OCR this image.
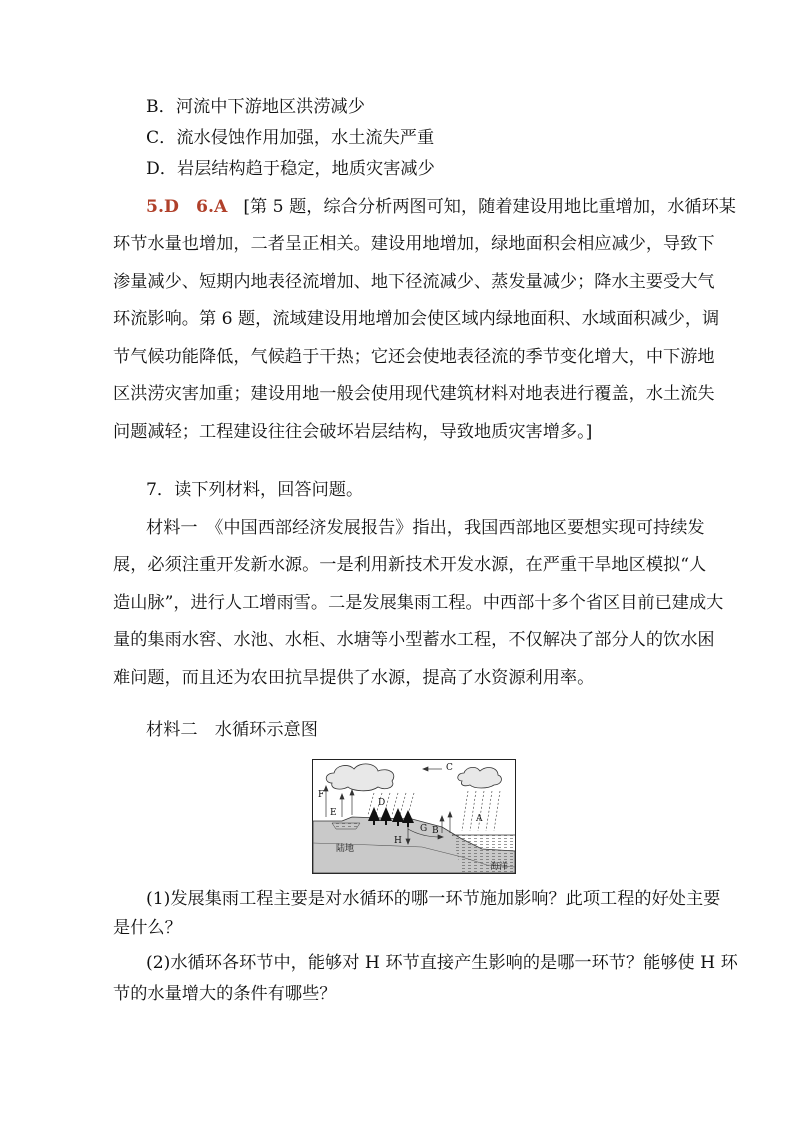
B．河流中下游地区洪涝减少
C．流水侵蚀作用加强，水土流失严重
D．岩层结构趋于稳定，地质灾害减少
5.D　6.A [第 5 题，综合分析两图可知，随着建设用地比重增加，水循环某
环节水量也增加，二者呈正相关。建设用地增加，绿地面积会相应减少，导致下
渗量减少、短期内地表径流增加、地下径流减少、蒸发量减少；降水主要受大气
环流影响。第 6 题，流域建设用地增加会使区域内绿地面积、水域面积减少，调
节气候功能降低，气候趋于干热；它还会使地表径流的季节变化增大，中下游地
区洪涝灾害加重；建设用地一般会使用现代建筑材料对地表进行覆盖，水土流失
问题减轻；工程建设往往会破坏岩层结构，导致地质灾害增多。]
7．读下列材料，回答问题。
材料一　《中国西部经济发展报告》指出，我国西部地区要想实现可持续发
展，必须注重开发新水源。一是利用新技术开发水源，在严重干旱地区模拟“人
造山脉”，进行人工增雨雪。二是发展集雨工程。中西部十多个省区目前已建成大
量的集雨水窖、水池、水柜、水塘等小型蓄水工程，不仅解决了部分人的饮水困
难问题，而且还为农田抗旱提供了水源，提高了水资源利用率。
材料二　水循环示意图
C
F
E
D
G B
A
H
陆地
海洋
(1)发展集雨工程主要是对水循环的哪一环节施加影响？此项工程的好处主要
是什么？
(2)水循环各环节中，能够对 H 环节直接产生影响的是哪一环节？能够使 H 环
节的水量增大的条件有哪些？
